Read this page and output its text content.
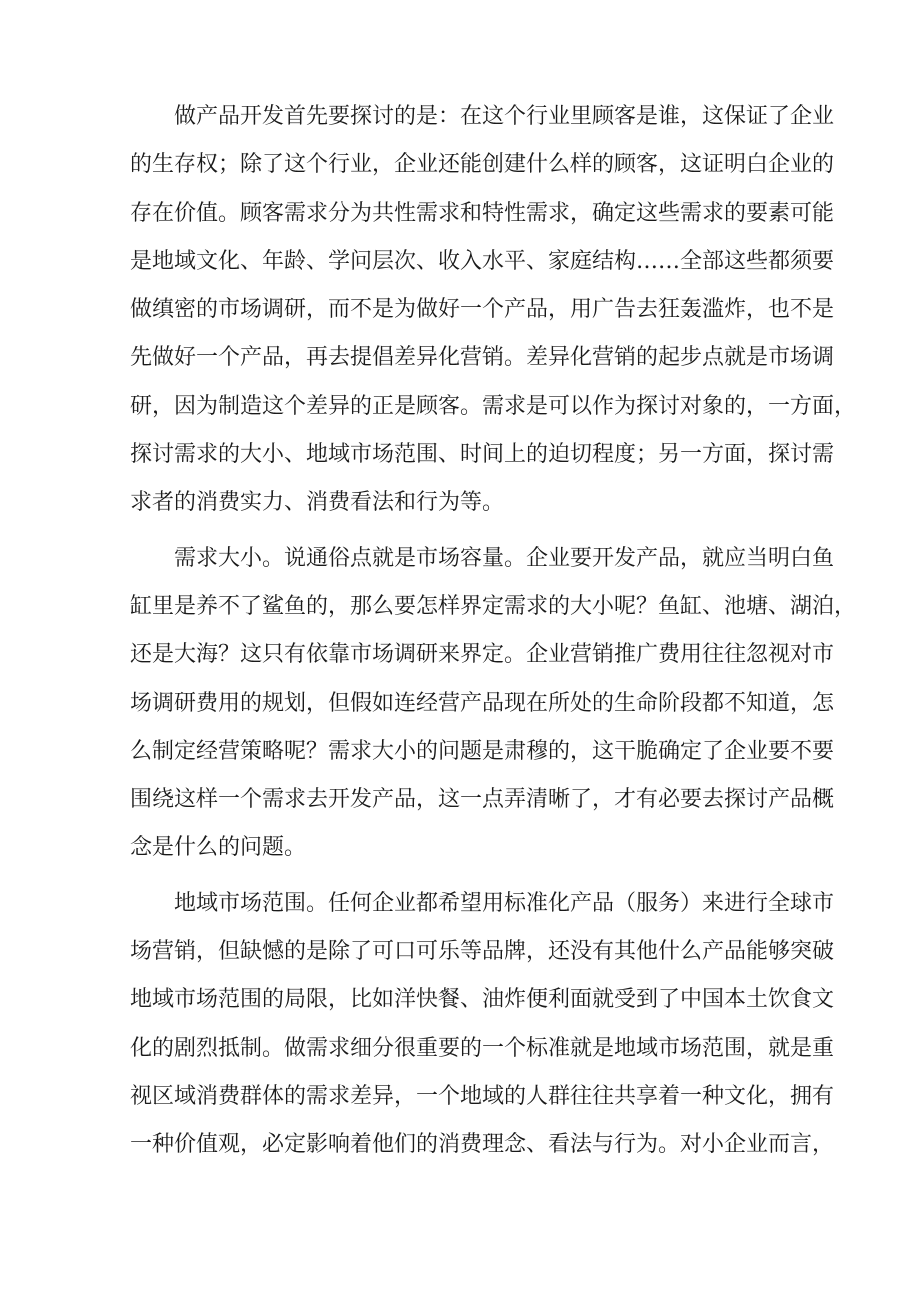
做产品开发首先要探讨的是：在这个行业里顾客是谁，这保证了企业
的生存权；除了这个行业，企业还能创建什么样的顾客，这证明白企业的
存在价值。顾客需求分为共性需求和特性需求，确定这些需求的要素可能
是地域文化、年龄、学问层次、收入水平、家庭结构……全部这些都须要
做缜密的市场调研，而不是为做好一个产品，用广告去狂轰滥炸，也不是
先做好一个产品，再去提倡差异化营销。差异化营销的起步点就是市场调
研，因为制造这个差异的正是顾客。需求是可以作为探讨对象的，一方面，
探讨需求的大小、地域市场范围、时间上的迫切程度；另一方面，探讨需
求者的消费实力、消费看法和行为等。

需求大小。说通俗点就是市场容量。企业要开发产品，就应当明白鱼
缸里是养不了鲨鱼的，那么要怎样界定需求的大小呢？鱼缸、池塘、湖泊，
还是大海？这只有依靠市场调研来界定。企业营销推广费用往往忽视对市
场调研费用的规划，但假如连经营产品现在所处的生命阶段都不知道，怎
么制定经营策略呢？需求大小的问题是肃穆的，这干脆确定了企业要不要
围绕这样一个需求去开发产品，这一点弄清晰了，才有必要去探讨产品概
念是什么的问题。

地域市场范围。任何企业都希望用标准化产品（服务）来进行全球市
场营销，但缺憾的是除了可口可乐等品牌，还没有其他什么产品能够突破
地域市场范围的局限，比如洋快餐、油炸便利面就受到了中国本土饮食文
化的剧烈抵制。做需求细分很重要的一个标准就是地域市场范围，就是重
视区域消费群体的需求差异，一个地域的人群往往共享着一种文化，拥有
一种价值观，必定影响着他们的消费理念、看法与行为。对小企业而言，
